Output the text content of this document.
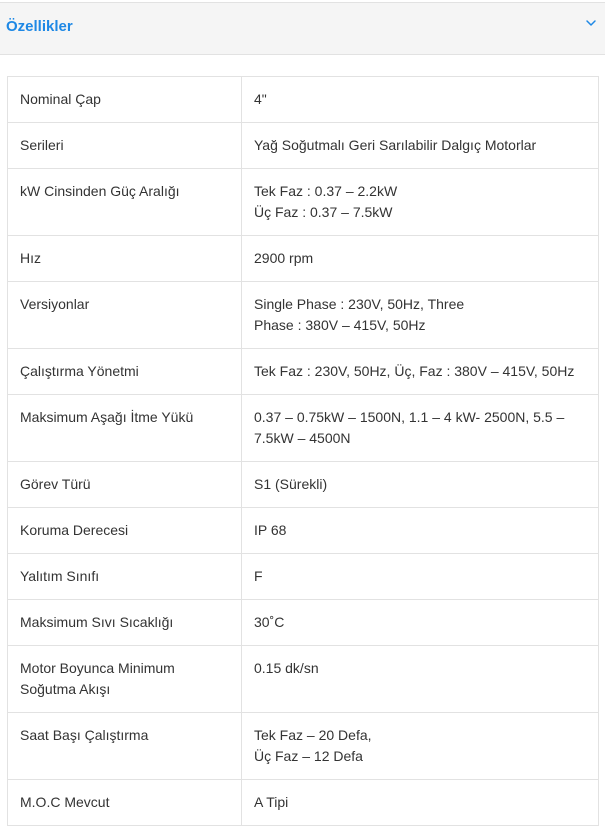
Özellikler
Nominal Çap	4"

Serileri	Yağ Soğutmalı Geri Sarılabilir Dalgıç Motorlar

kW Cinsinden Güç Aralığı	Tek Faz : 0.37 – 2.2kW
Üç Faz : 0.37 – 7.5kW

Hız	2900 rpm

Versiyonlar	Single Phase : 230V, 50Hz, Three
Phase : 380V – 415V, 50Hz

Çalıştırma Yönetmi	Tek Faz : 230V, 50Hz, Üç, Faz : 380V – 415V, 50Hz

Maksimum Aşağı İtme Yükü	0.37 – 0.75kW – 1500N, 1.1 – 4 kW- 2500N, 5.5 –
7.5kW – 4500N

Görev Türü	S1 (Sürekli)

Koruma Derecesi	IP 68

Yalıtım Sınıfı	F

Maksimum Sıvı Sıcaklığı	30˚C

Motor Boyunca Minimum
Soğutma Akışı	0.15 dk/sn

Saat Başı Çalıştırma	Tek Faz – 20 Defa,
Üç Faz – 12 Defa

M.O.C Mevcut	A Tipi
